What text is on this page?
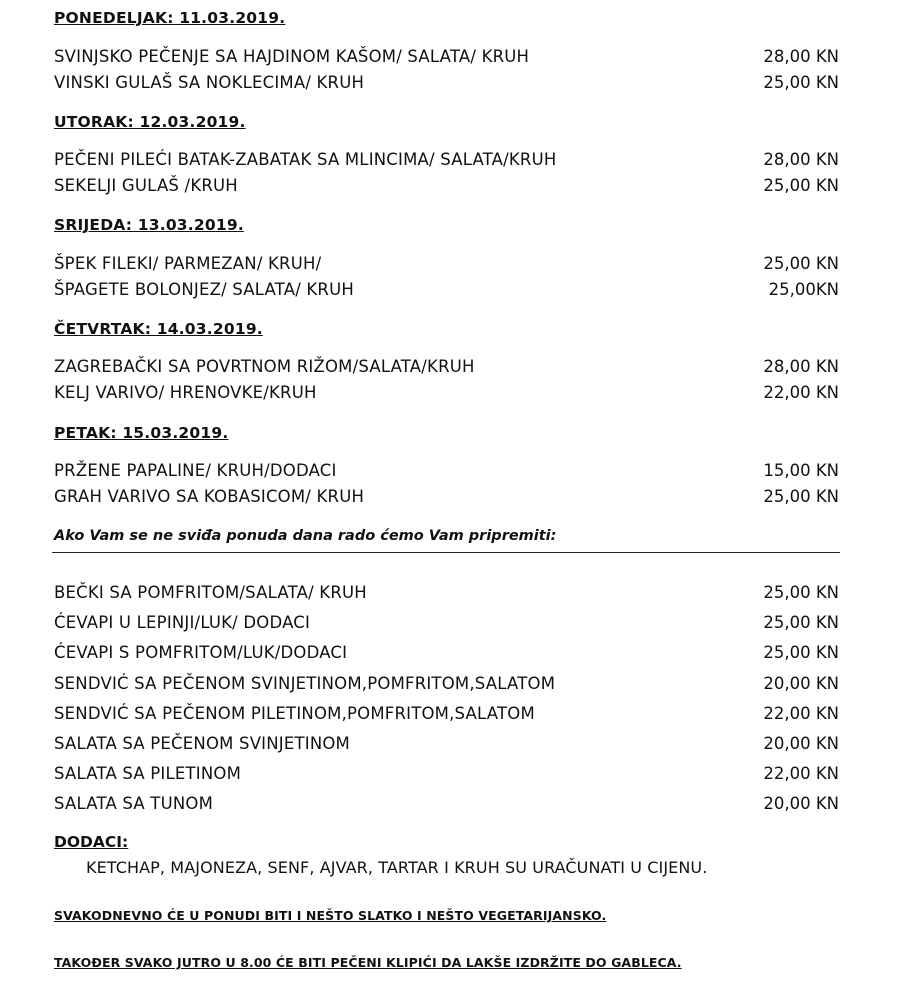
PONEDELJAK: 11.03.2019.
SVINJSKO PEČENJE SA HAJDINOM KAŠOM/ SALATA/ KRUH	28,00 KN
VINSKI GULAŠ SA NOKLECIMA/ KRUH	25,00 KN
UTORAK: 12.03.2019.
PEČENI PILEĆI BATAK-ZABATAK SA MLINCIMA/ SALATA/KRUH	28,00 KN
SEKELJI GULAŠ /KRUH	25,00 KN
SRIJEDA: 13.03.2019.
ŠPEK FILEKI/ PARMEZAN/ KRUH/	25,00 KN
ŠPAGETE BOLONJEZ/ SALATA/ KRUH	25,00KN
ČETVRTAK: 14.03.2019.
ZAGREBAČKI SA POVRTNOM RIŽOM/SALATA/KRUH	28,00 KN
KELJ VARIVO/ HRENOVKE/KRUH	22,00 KN
PETAK: 15.03.2019.
PRŽENE PAPALINE/ KRUH/DODACI	15,00 KN
GRAH VARIVO SA KOBASICOM/ KRUH	25,00 KN
Ako Vam se ne sviđa ponuda dana rado ćemo Vam pripremiti:
BEČKI SA POMFRITOM/SALATA/ KRUH	25,00 KN
ĆEVAPI U LEPINJI/LUK/ DODACI	25,00 KN
ĆEVAPI S POMFRITOM/LUK/DODACI	25,00 KN
SENDVIĆ SA PEČENOM SVINJETINOM,POMFRITOM,SALATOM	20,00 KN
SENDVIĆ SA PEČENOM PILETINOM,POMFRITOM,SALATOM	22,00 KN
SALATA SA PEČENOM SVINJETINOM	20,00 KN
SALATA SA PILETINOM	22,00 KN
SALATA SA TUNOM	20,00 KN
DODACI:
KETCHAP, MAJONEZA, SENF, AJVAR, TARTAR I KRUH SU URAČUNATI U CIJENU.
SVAKODNEVNO ĆE U PONUDI BITI I NEŠTO SLATKO I NEŠTO VEGETARIJANSKO.
TAKOĐER SVAKO JUTRO U 8.00 ĆE BITI PEČENI KLIPIĆI DA LAKŠE IZDRŽITE DO GABLECA.
